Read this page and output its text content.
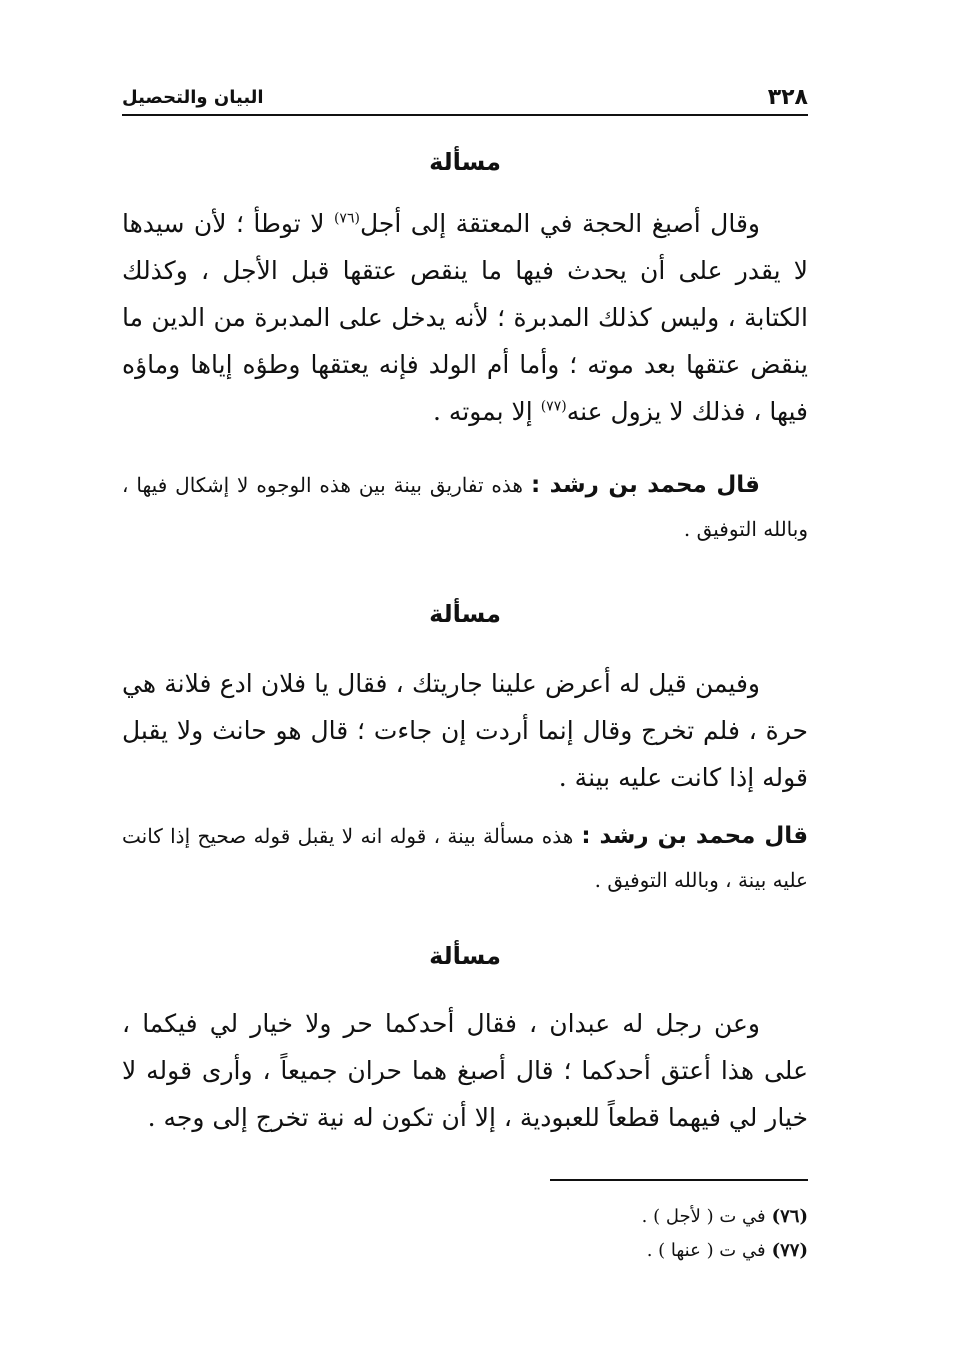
٣٢٨
البيان والتحصيل
مسألة
وقال أصبغ الحجة في المعتقة إلى أجل$^{(٧٦)}$ لا توطأ ؛ لأن سيدها لا يقدر على أن يحدث فيها ما ينقص عتقها قبل الأجل ، وكذلك الكتابة ، وليس كذلك المدبرة ؛ لأنه يدخل على المدبرة من الدين ما ينقض عتقها بعد موته ؛ وأما أم الولد فإنه يعتقها وطؤه إياها وماؤه فيها ، فذلك لا يزول عنه$^{(٧٧)}$ إلا بموته .
قال محمد بن رشد :هذه تفاريق بينة بين هذه الوجوه لا إشكال فيها ، وبالله التوفيق .
مسألة
وفيمن قيل له أعرض علينا جاريتك ، فقال يا فلان ادع فلانة هي حرة ، فلم تخرج وقال إنما أردت إن جاءت ؛ قال هو حانث ولا يقبل قوله إذا كانت عليه بينة .
قال محمد بن رشد :هذه مسألة بينة ، قوله انه لا يقبل قوله صحيح إذا كانت عليه بينة ، وبالله التوفيق .
مسألة
وعن رجل له عبدان ، فقال أحدكما حر ولا خيار لي فيكما ، على هذا أعتق أحدكما ؛ قال أصبغ هما حران جميعاً ، وأرى قوله لا خيار لي فيهما قطعاً للعبودية ، إلا أن تكون له نية تخرج إلى وجه .
(٧٦)في ت ( لأجل ) .
(٧٧)في ت ( عنها ) .
